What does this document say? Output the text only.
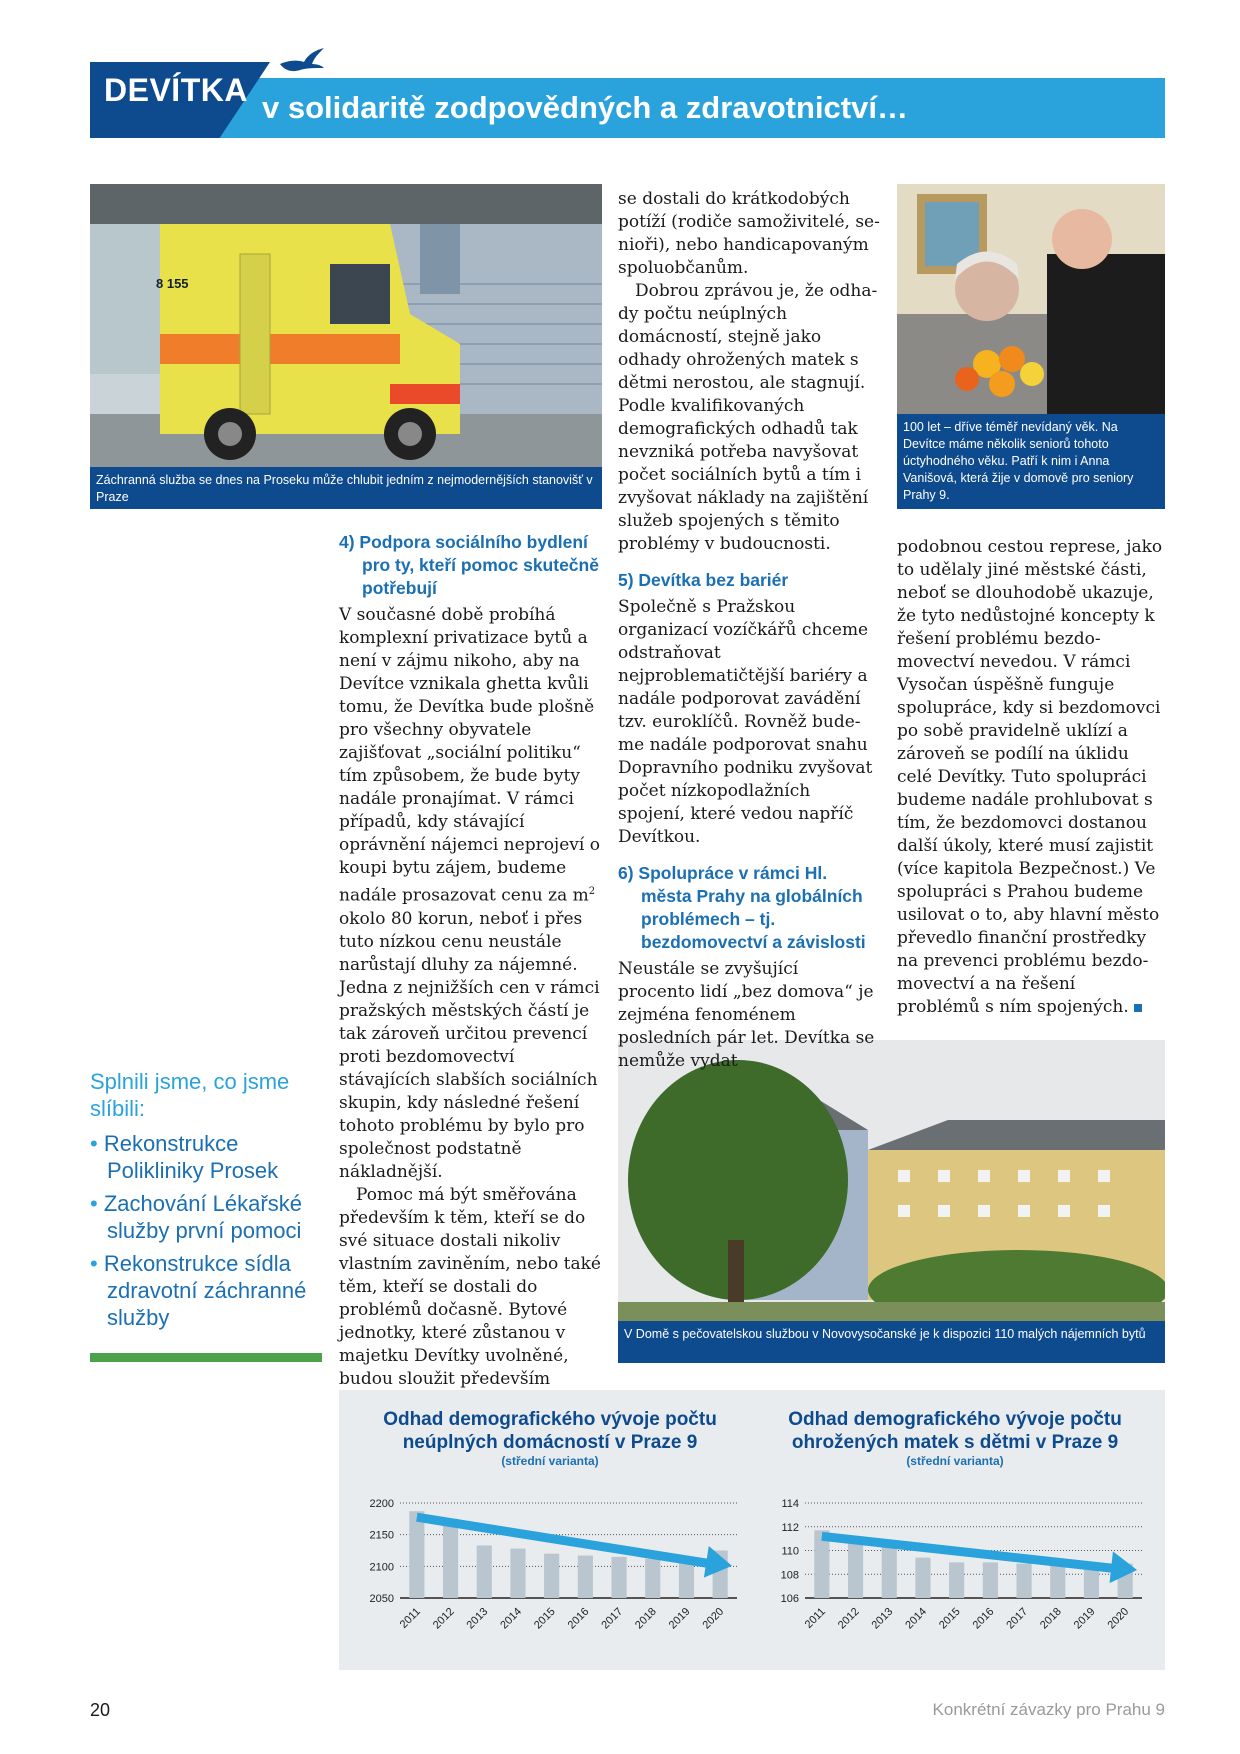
DEVÍTKA v solidaritě zodpovědných a zdravotnictví…
8 155
Záchranná služba se dnes na Proseku může chlubit jedním z nejmodernějších stanovišť v Praze
100 let – dříve téměř nevídaný věk. Na Devítce máme několik seniorů tohoto úctyhodného věku. Patří k nim i Anna Vanišová, která žije v domově pro seniory Prahy 9.
V Domě s pečovatelskou službou v Novovysočanské je k dispozici 110 malých nájemních bytů
Splnili jsme, co jsme slíbili:
• Rekonstrukce Polikliniky Prosek
• Zachování Lékařské služby první pomoci
• Rekonstrukce sídla zdravotní záchranné služby
4) Podpora sociálního bydlení pro ty, kteří pomoc skutečně potřebují

V současné době probíhá komplexní privatizace bytů a není v zájmu nikoho, aby na Devítce vznikala ghetta kvůli tomu, že Devítka bude plošně pro všechny obyvatele zajišťovat „sociální politiku“ tím způsobem, že bude byty nadále pronajímat. V rámci případů, kdy stávající oprávnění nájemci neprojeví o koupi bytu zájem, budeme nadále prosazovat cenu za $m^2$ okolo 80 korun, neboť i přes tuto nízkou cenu neustále narůstají dluhy za nájemné. Jedna z nejnižších cen v rámci pražských městských částí je tak zároveň určitou prevencí proti bezdomovectví stávajících slabších sociálních skupin, kdy následné řešení tohoto problému by bylo pro společnost podstatně nákladnější.

Pomoc má být směřována především k těm, kteří se do své situace dostali nikoliv vlastním zaviněním, nebo také těm, kteří se dostali do problémů dočasně. Bytové jednotky, které zůstanou v majetku Devítky uvolněné, budou sloužit především

se dostali do krátkodobých potíží (rodiče samoživitelé, senioři), nebo handicapovaným spoluobčanům.

Dobrou zprávou je, že odhady počtu neúplných domácností, stejně jako odhady ohrožených matek s dětmi nerostou, ale stagnují. Podle kvalifikovaných demografických odhadů tak nevzniká potřeba navyšovat počet sociálních bytů a tím i zvyšovat náklady na zajištění služeb spojených s těmito problémy v budoucnosti.

5) Devítka bez bariér

Společně s Pražskou organizací vozíčkářů chceme odstraňovat nejproblematičtější bariéry a nadále podporovat zavádění tzv. euroklíčů. Rovněž budeme nadále podporovat snahu Dopravního podniku zvyšovat počet nízkopodlažních spojení, které vedou napříč Devítkou.

6) Spolupráce v rámci Hl. města Prahy na globálních problémech – tj. bezdomovectví a závislosti

Neustále se zvyšující procento lidí „bez domova“ je zejména fenoménem posledních pár let. Devítka se nemůže vydat

podobnou cestou represe, jako to udělaly jiné městské části, neboť se dlouhodobě ukazuje, že tyto nedůstojné koncepty k řešení problému bezdomovectví nevedou. V rámci Vysočan úspěšně funguje spolupráce, kdy si bezdomovci po sobě pravidelně uklízí a zároveň se podílí na úklidu celé Devítky. Tuto spolupráci budeme nadále prohlubovat s tím, že bezdomovci dostanou další úkoly, které musí zajistit (více kapitola Bezpečnost.) Ve spolupráci s Prahou budeme usilovat o to, aby hlavní město převedlo finanční prostředky na prevenci problému bezdomovectví a na řešení problémů s ním spojených.

Odhad demografického vývoje počtu neúplných domácností v Praze 9
(střední varianta)
Odhad demografického vývoje počtu ohrožených matek s dětmi v Praze 9
(střední varianta)
2200
2150
2100
2050
2011 2012 2013 2014 2015 2016 2017 2018 2019 2020
114
112
110
108
106
2011 2012 2013 2014 2015 2016 2017 2018 2019 2020
20	Konkrétní závazky pro Prahu 9
